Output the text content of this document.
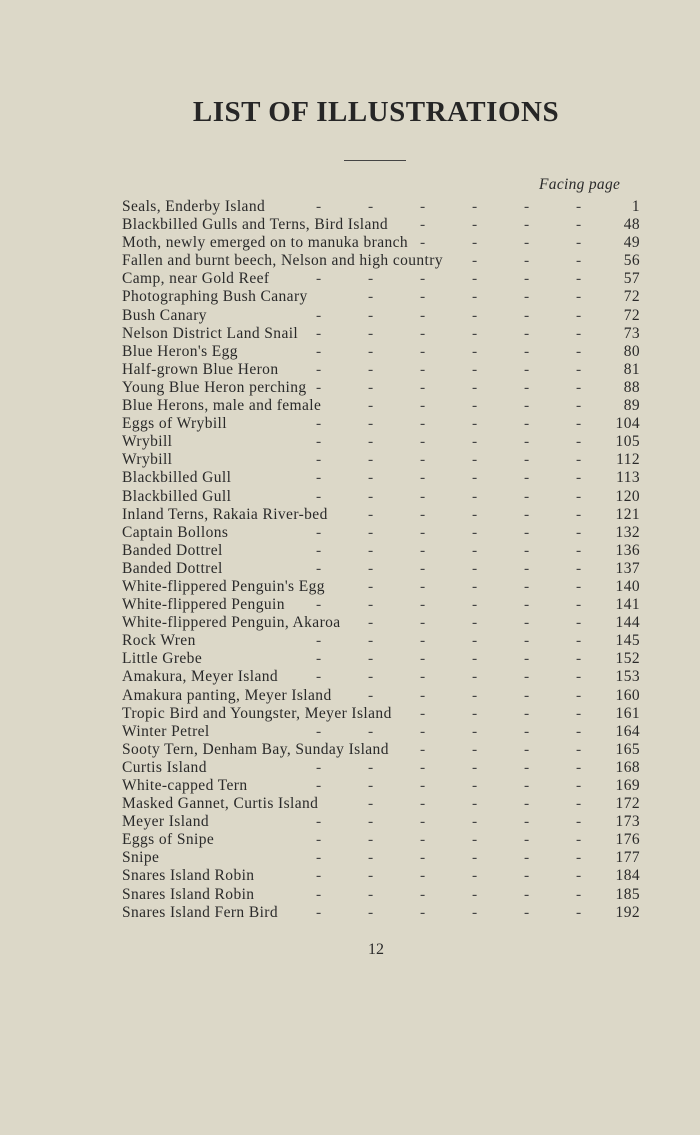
LIST OF ILLUSTRATIONS
Facing page
Seals, Enderby Island	-	-	-	-	-	-	1
Blackbilled Gulls and Terns, Bird Island -	-	-	-	48
Moth, newly emerged on to manuka branch -	-	-	-	49
Fallen and burnt beech, Nelson and high country -	-	-	56
Camp, near Gold Reef	-	-	-	-	-	-	57
Photographing Bush Canary	-	-	-	-	-	72
Bush Canary	-	-	-	-	-	-	72
Nelson District Land Snail -	-	-	-	-	-	73
Blue Heron's Egg	-	-	-	-	-	-	80
Half-grown Blue Heron -	-	-	-	-	-	81
Young Blue Heron perching -	-	-	-	-	-	88
Blue Herons, male and female	-	-	-	-	-	89
Eggs of Wrybill	-	-	-	-	-	-	104
Wrybill	-	-	-	-	-	-	105
Wrybill	-	-	-	-	-	-	112
Blackbilled Gull	-	-	-	-	-	-	113
Blackbilled Gull	-	-	-	-	-	-	120
Inland Terns, Rakaia River-bed	-	-	-	-	-	121
Captain Bollons	-	-	-	-	-	-	132
Banded Dottrel	-	-	-	-	-	-	136
Banded Dottrel	-	-	-	-	-	-	137
White-flippered Penguin's Egg	-	-	-	-	-	140
White-flippered Penguin -	-	-	-	-	-	141
White-flippered Penguin, Akaroa -	-	-	-	-	144
Rock Wren	-	-	-	-	-	-	145
Little Grebe	-	-	-	-	-	-	152
Amakura, Meyer Island -	-	-	-	-	-	153
Amakura panting, Meyer Island -	-	-	-	-	160
Tropic Bird and Youngster, Meyer Island -	-	-	-	161
Winter Petrel	-	-	-	-	-	-	164
Sooty Tern, Denham Bay, Sunday Island -	-	-	-	165
Curtis Island	-	-	-	-	-	-	168
White-capped Tern	-	-	-	-	-	-	169
Masked Gannet, Curtis Island	-	-	-	-	-	172
Meyer Island	-	-	-	-	-	-	173
Eggs of Snipe	-	-	-	-	-	-	176
Snipe	-	-	-	-	-	-	177
Snares Island Robin	-	-	-	-	-	-	184
Snares Island Robin	-	-	-	-	-	-	185
Snares Island Fern Bird -	-	-	-	-	-	192
12
